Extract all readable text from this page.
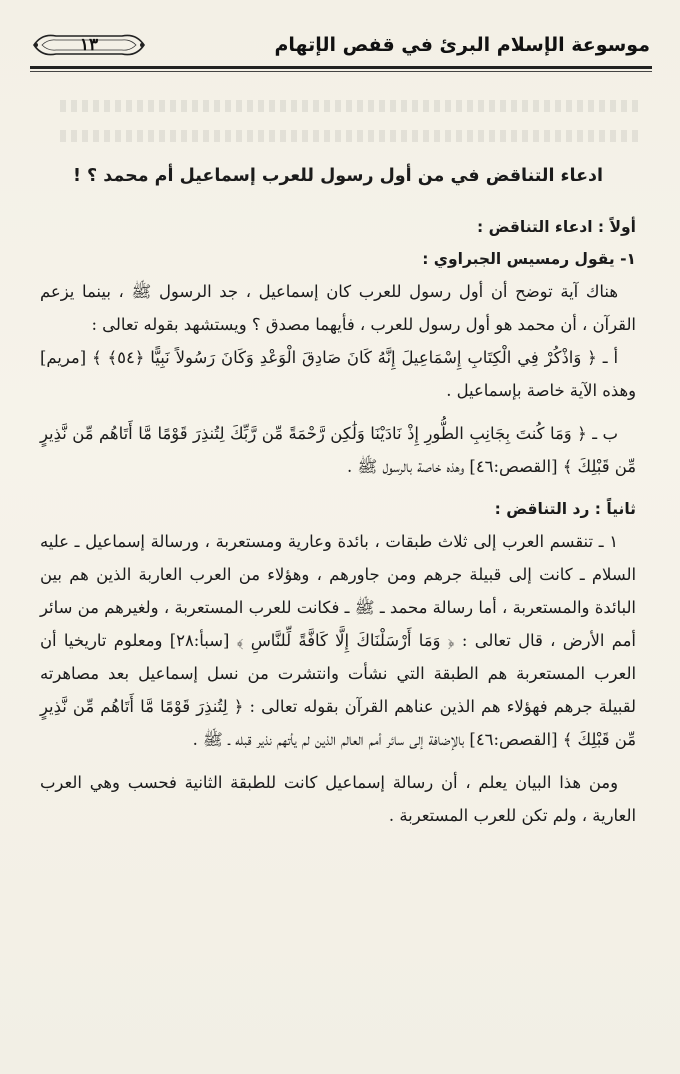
١٣	موسوعة الإسلام البرئ في قفص الإتهام

ادعاء التناقض في من أول رسول للعرب إسماعيل أم محمد ؟ !

أولاً : ادعاء التناقض :

١- يقول رمسيس الجبراوي :

هناك آية توضح أن أول رسول للعرب كان إسماعيل ، جد الرسول ﷺ ، بينما يزعم القرآن ، أن محمد هو أول رسول للعرب ، فأيهما مصدق ؟ ويستشهد بقوله تعالى :

أ ـ ﴿ وَاذْكُرْ فِي الْكِتَابِ إِسْمَاعِيلَ إِنَّهُ كَانَ صَادِقَ الْوَعْدِ وَكَانَ رَسُولاً نَبِيًّا ﴿٥٤﴾ ﴾ [مريم] وهذه الآية خاصة بإسماعيل .

ب ـ ﴿ وَمَا كُنتَ بِجَانِبِ الطُّورِ إِذْ نَادَيْنَا وَلَٰكِن رَّحْمَةً مِّن رَّبِّكَ لِتُنذِرَ قَوْمًا مَّا أَتَاهُم مِّن نَّذِيرٍ مِّن قَبْلِكَ ﴾ [القصص:٤٦] وهذه خاصة بالرسول ﷺ .

ثانياً : رد التناقض :

١ ـ تنقسم العرب إلى ثلاث طبقات ، بائدة وعارية ومستعربة ، ورسالة إسماعيل ـ عليه السلام ـ كانت إلى قبيلة جرهم ومن جاورهم ، وهؤلاء من العرب العاربة الذين هم بين البائدة والمستعربة ، أما رسالة محمد ـ ﷺ ـ فكانت للعرب المستعربة ، ولغيرهم من سائر أمم الأرض ، قال تعالى : ﴿ وَمَا أَرْسَلْنَاكَ إِلَّا كَافَّةً لِّلنَّاسِ ﴾ [سبأ:٢٨] ومعلوم تاريخيا أن العرب المستعربة هم الطبقة التي نشأت وانتشرت من نسل إسماعيل بعد مصاهرته لقبيلة جرهم فهؤلاء هم الذين عناهم القرآن بقوله تعالى : ﴿ لِتُنذِرَ قَوْمًا مَّا أَتَاهُم مِّن نَّذِيرٍ مِّن قَبْلِكَ ﴾ [القصص:٤٦] بالإضافة إلى سائر أمم العالم الذين لم يأتهم نذير قبله ـ ﷺ .

ومن هذا البيان يعلم ، أن رسالة إسماعيل كانت للطبقة الثانية فحسب وهي العرب العارية ، ولم تكن للعرب المستعربة .
